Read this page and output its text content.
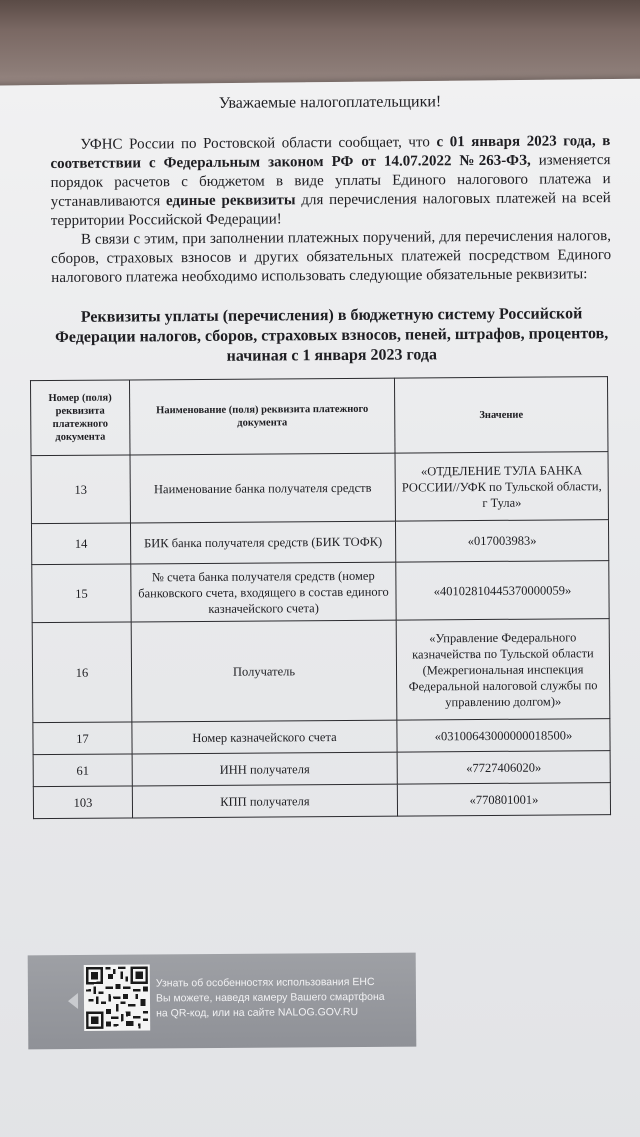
Уважаемые налогоплательщики!

УФНС России по Ростовской области сообщает, что с 01 января 2023 года, в соответствии с Федеральным законом РФ от 14.07.2022 №263-ФЗ, изменяется порядок расчетов с бюджетом в виде уплаты Единого налогового платежа и устанавливаются единые реквизиты для перечисления налоговых платежей на всей территории Российской Федерации!

В связи с этим, при заполнении платежных поручений, для перечисления налогов, сборов, страховых взносов и других обязательных платежей посредством Единого налогового платежа необходимо использовать следующие обязательные реквизиты:

Реквизиты уплаты (перечисления) в бюджетную систему Российской Федерации налогов, сборов, страховых взносов, пеней, штрафов, процентов, начиная с 1 января 2023 года
Номер (поля) реквизита платежного документа	Наименование (поля) реквизита платежного документа	Значение
13	Наименование банка получателя средств	«ОТДЕЛЕНИЕ ТУЛА БАНКА РОССИИ//УФК по Тульской области, г Тула»
14	БИК банка получателя средств (БИК ТОФК)	«017003983»
15	№ счета банка получателя средств (номер банковского счета, входящего в состав единого казначейского счета)	«40102810445370000059»
16	Получатель	«Управление Федерального казначейства по Тульской области (Межрегиональная инспекция Федеральной налоговой службы по управлению долгом)»
17	Номер казначейского счета	«03100643000000018500»
61	ИНН получателя	«7727406020»
103	КПП получателя	«770801001»
Узнать об особенностях использования ЕНС
Вы можете, наведя камеру Вашего смартфона
на QR-код, или на сайте NALOG.GOV.RU
